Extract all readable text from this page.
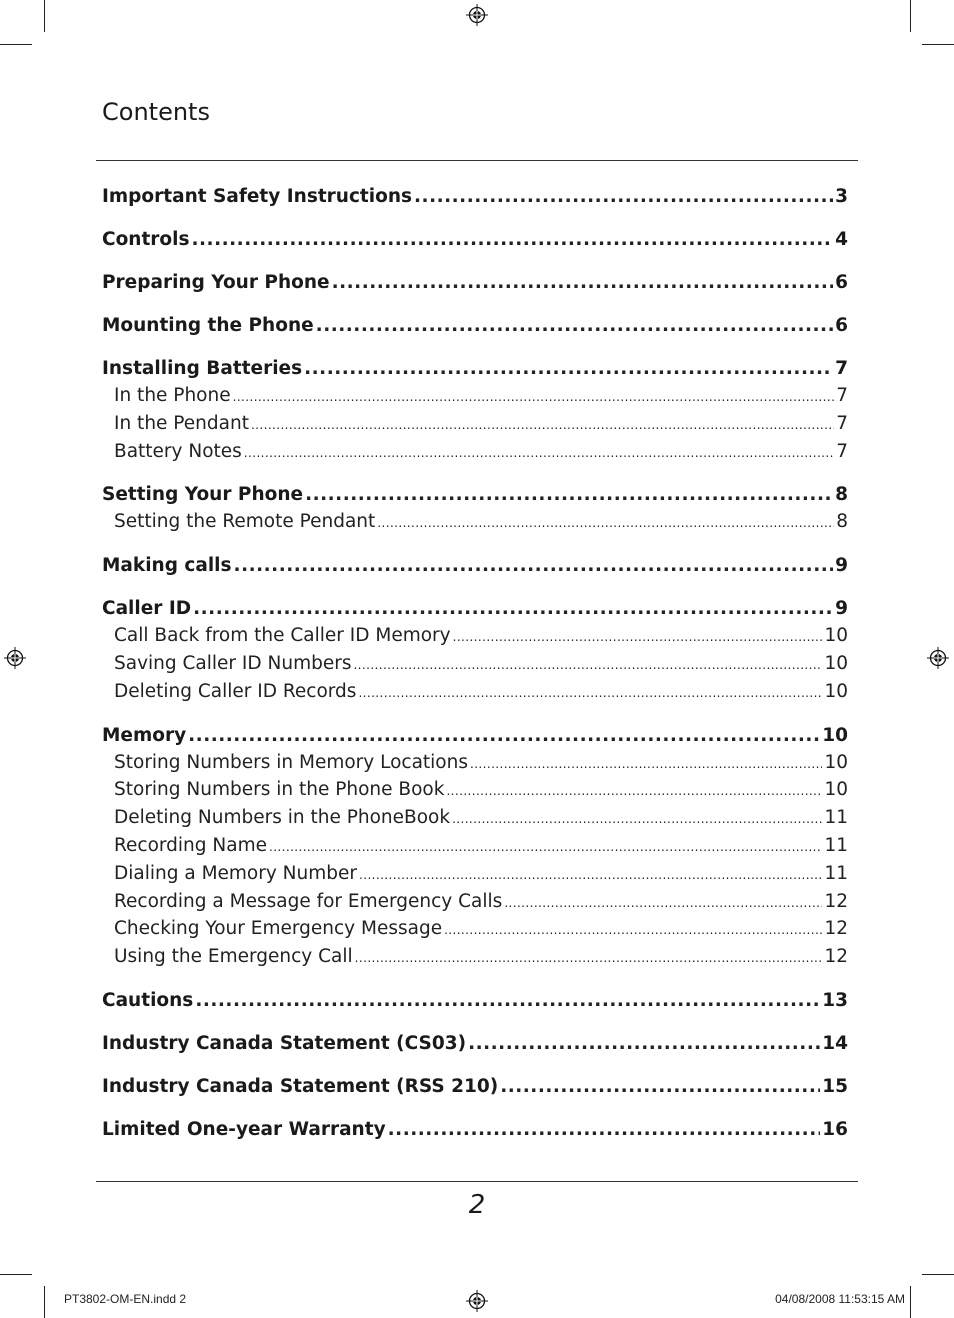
Contents
Important Safety Instructions .....	3
Controls .....	4
Preparing Your Phone .....	6
Mounting the Phone .....	6
Installing Batteries .....	7
In the Phone .....	7
In the Pendant .....	7
Battery Notes .....	7
Setting Your Phone .....	8
Setting the Remote Pendant .....	8
Making calls .....	9
Caller ID .....	9
Call Back from the Caller ID Memory .....	10
Saving Caller ID Numbers .....	10
Deleting Caller ID Records .....	10
Memory .....	10
Storing Numbers in Memory Locations .....	10
Storing Numbers in the Phone Book .....	10
Deleting Numbers in the PhoneBook .....	11
Recording Name .....	11
Dialing a Memory Number .....	11
Recording a Message for Emergency Calls .....	12
Checking Your Emergency Message .....	12
Using the Emergency Call .....	12
Cautions .....	13
Industry Canada Statement (CS03) .....	14
Industry Canada Statement (RSS 210) .....	15
Limited One-year Warranty .....	16
2
PT3802-OM-EN.indd 2	04/08/2008 11:53:15 AM
